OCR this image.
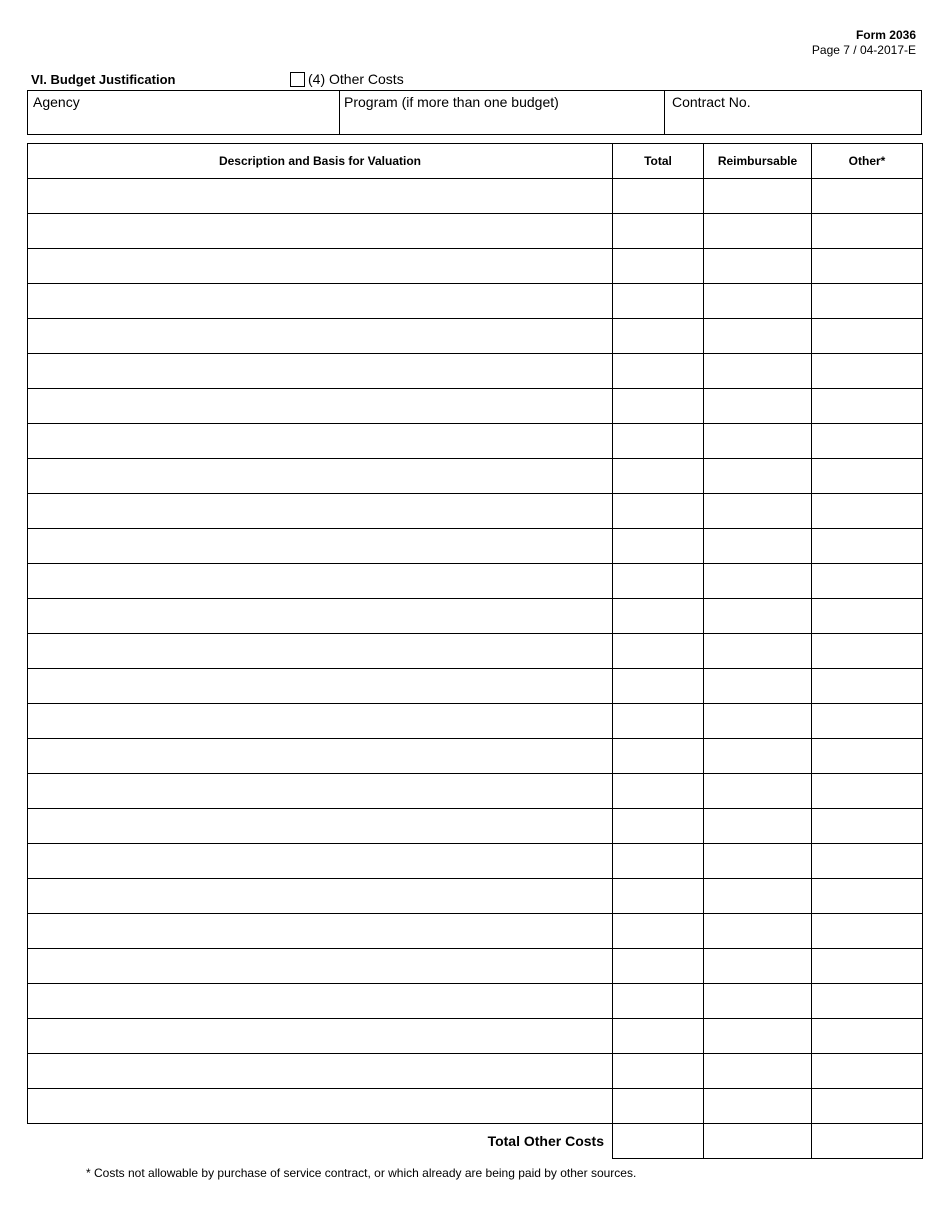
Form 2036
Page 7 / 04-2017-E
VI. Budget Justification	(4) Other Costs
Agency	Program (if more than one budget)	Contract No.
Description and Basis for Valuation	Total	Reimbursable	Other*

Total Other Costs			
* Costs not allowable by purchase of service contract, or which already are being paid by other sources.
